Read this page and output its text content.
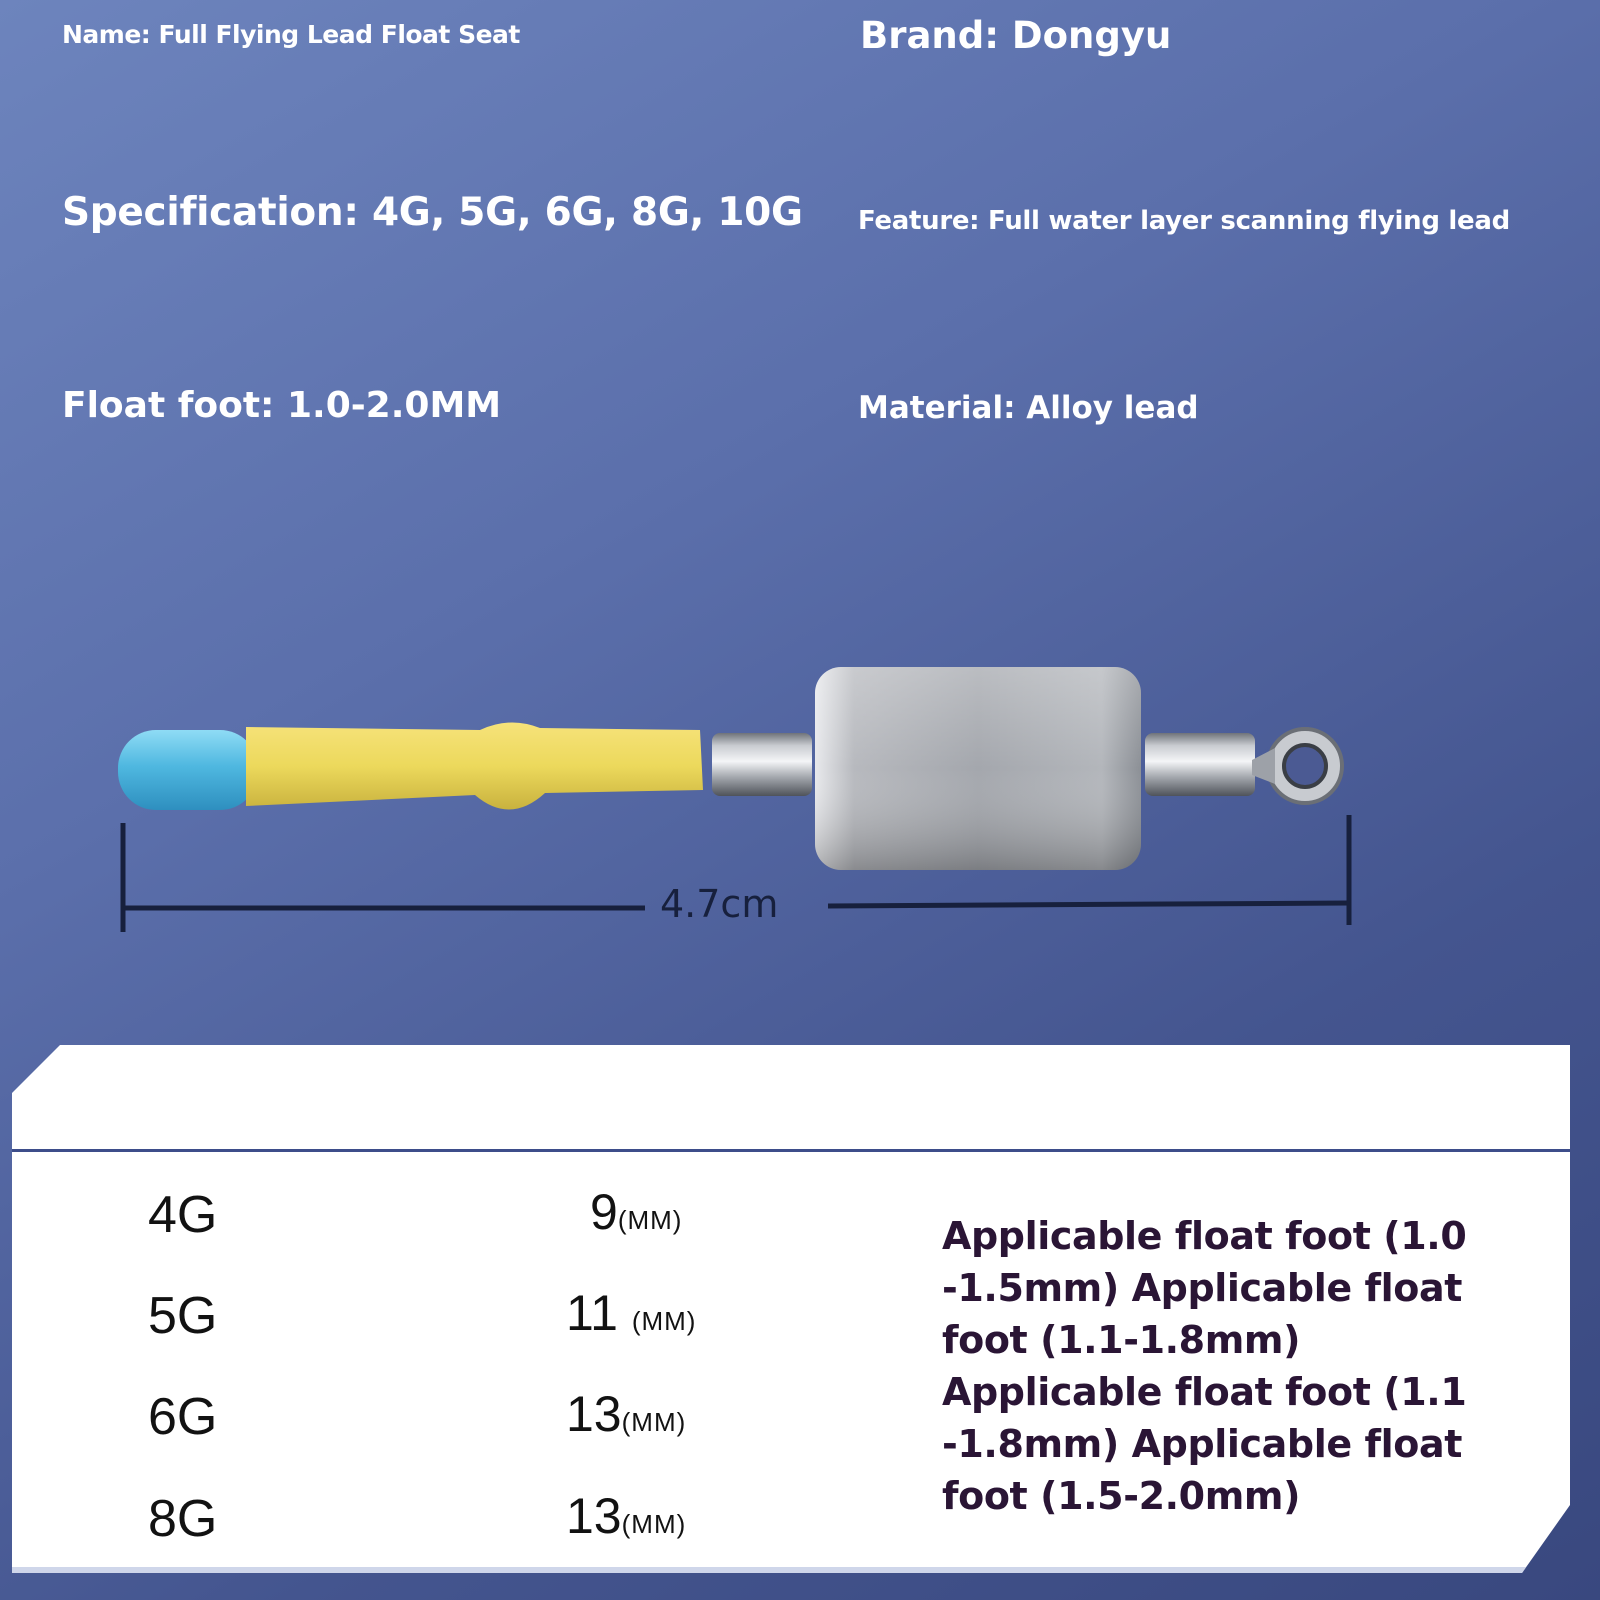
Name: Full Flying Lead Float Seat	Brand: Dongyu
Specification: 4G, 5G, 6G, 8G, 10G Feature: Full water layer scanning flying lead
Float foot: 1.0-2.0MM	Material: Alloy lead
4.7cm
4G
5G
6G
8G
9(MM)
11 (MM)
13(MM)
13(MM)
Applicable float foot (1.0 -1.5mm) Applicable float foot (1.1-1.8mm) Applicable float foot (1.1 -1.8mm) Applicable float foot (1.5-2.0mm)
